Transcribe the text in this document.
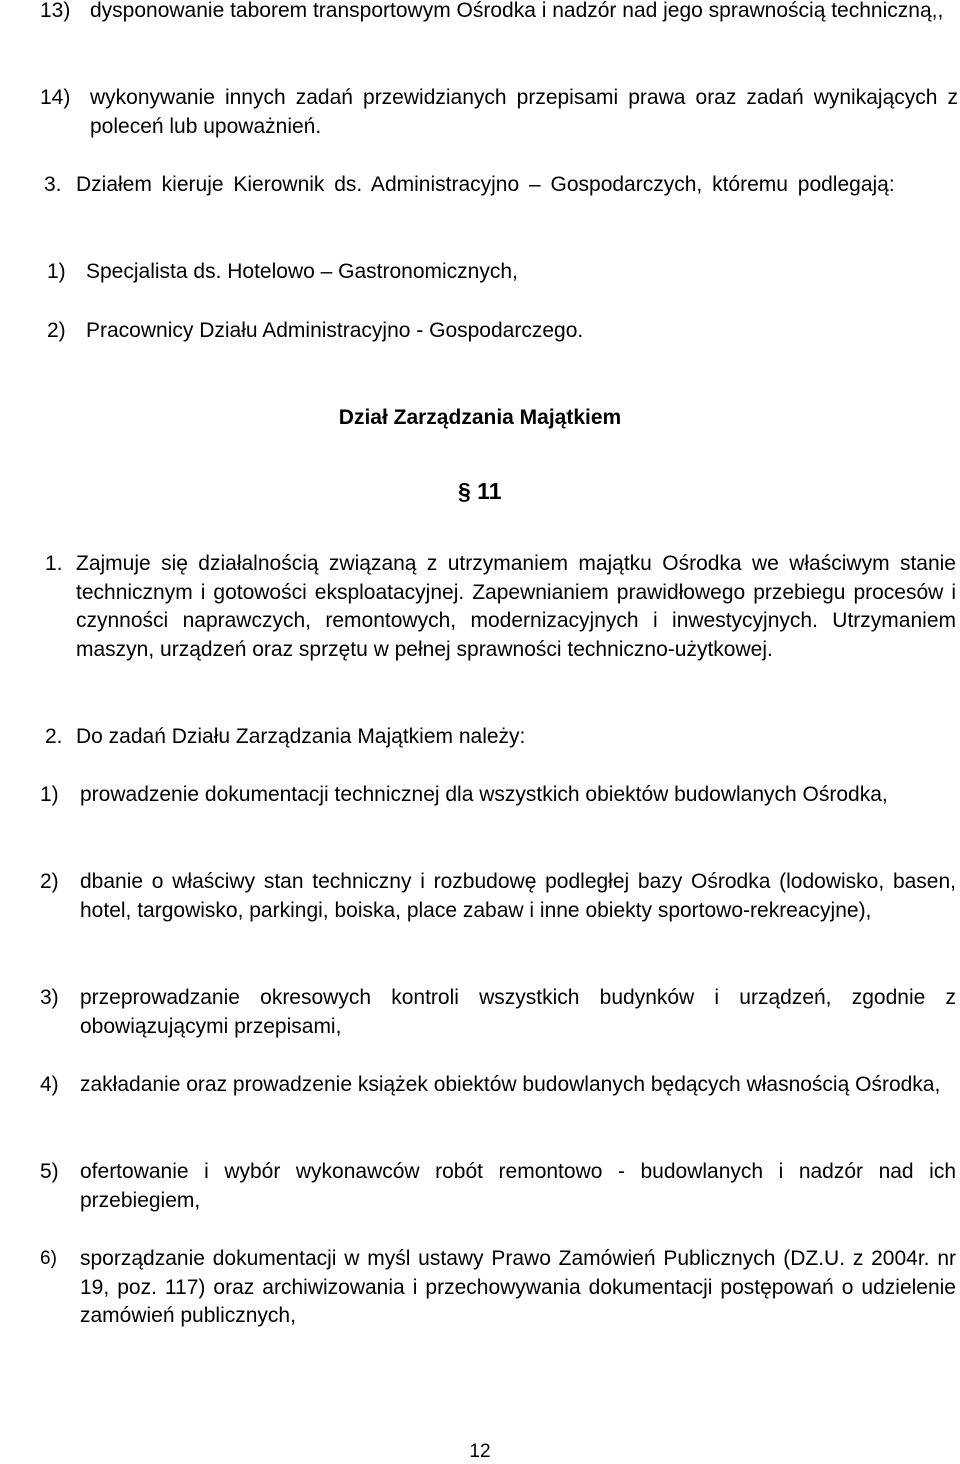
13) dysponowanie taborem transportowym Ośrodka i nadzór nad jego sprawnością techniczną,,
14) wykonywanie innych zadań przewidzianych przepisami prawa oraz zadań wynikających z poleceń lub upoważnień.
3. Działem kieruje Kierownik ds. Administracyjno – Gospodarczych, któremu podlegają:
1) Specjalista ds. Hotelowo – Gastronomicznych,
2) Pracownicy Działu Administracyjno - Gospodarczego.
Dział Zarządzania Majątkiem
§ 11
1. Zajmuje się działalnością związaną z utrzymaniem majątku Ośrodka we właściwym stanie technicznym i gotowości eksploatacyjnej. Zapewnianiem prawidłowego przebiegu procesów i czynności naprawczych, remontowych, modernizacyjnych i inwestycyjnych. Utrzymaniem maszyn, urządzeń oraz sprzętu w pełnej sprawności techniczno-użytkowej.
2. Do zadań Działu Zarządzania Majątkiem należy:
1) prowadzenie dokumentacji technicznej dla wszystkich obiektów budowlanych Ośrodka,
2) dbanie o właściwy stan techniczny i rozbudowę podległej bazy Ośrodka (lodowisko, basen, hotel, targowisko, parkingi, boiska, place zabaw i inne obiekty sportowo-rekreacyjne),
3) przeprowadzanie okresowych kontroli wszystkich budynków i urządzeń, zgodnie z obowiązującymi przepisami,
4) zakładanie oraz prowadzenie książek obiektów budowlanych będących własnością Ośrodka,
5) ofertowanie i wybór wykonawców robót remontowo - budowlanych i nadzór nad ich przebiegiem,
6) sporządzanie dokumentacji w myśl ustawy Prawo Zamówień Publicznych (DZ.U. z 2004r. nr 19, poz. 117) oraz archiwizowania i przechowywania dokumentacji postępowań o udzielenie zamówień publicznych,
12
